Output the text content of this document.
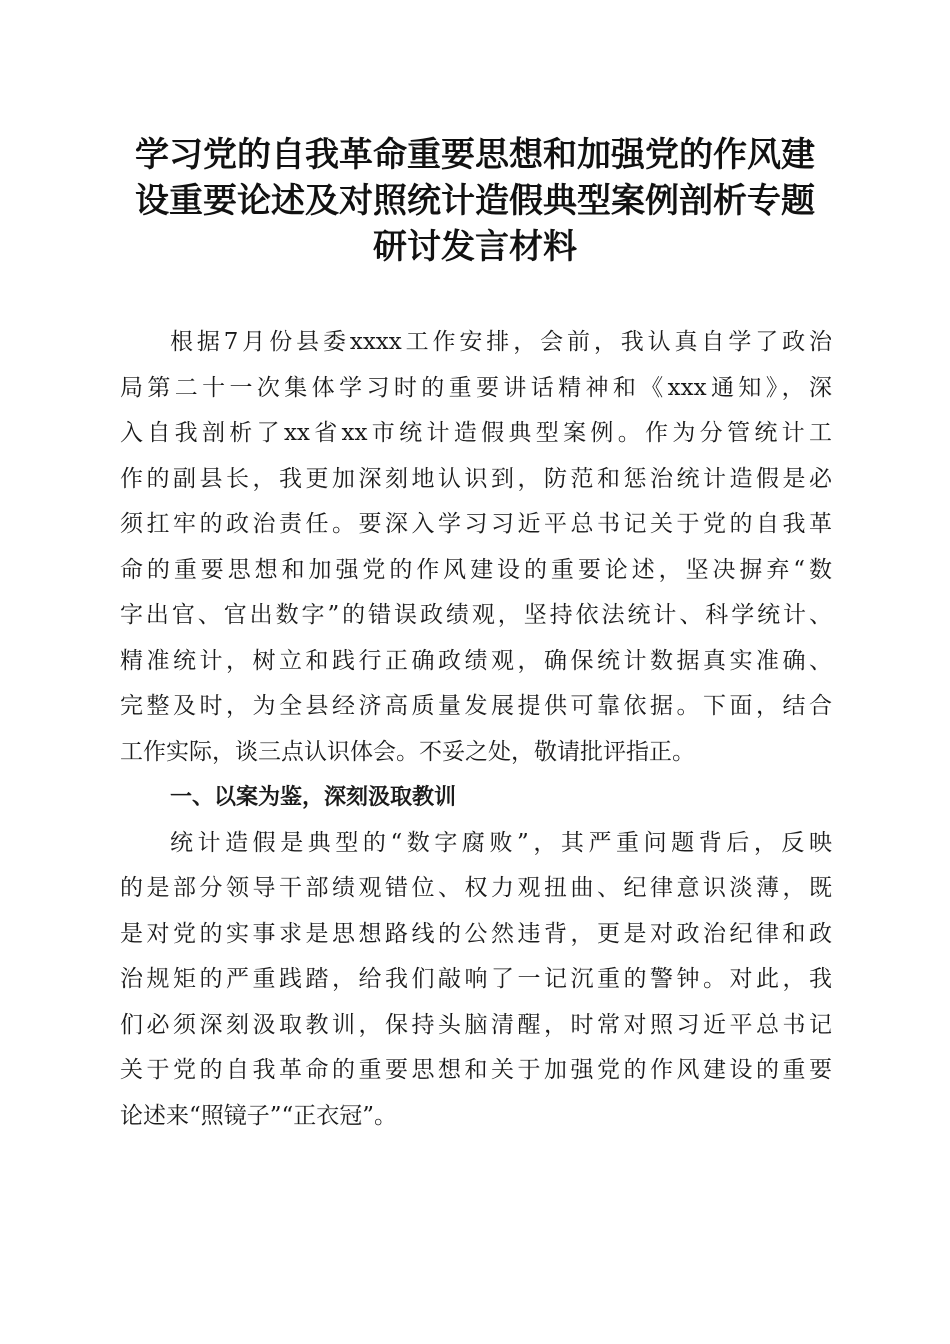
学习党的自我革命重要思想和加强党的作风建
设重要论述及对照统计造假典型案例剖析专题
研讨发言材料
根据7月份县委xxxx工作安排，会前，我认真自学了政治
局第二十一次集体学习时的重要讲话精神和《xxx通知》，深
入自我剖析了xx省xx市统计造假典型案例。作为分管统计工
作的副县长，我更加深刻地认识到，防范和惩治统计造假是必
须扛牢的政治责任。要深入学习习近平总书记关于党的自我革
命的重要思想和加强党的作风建设的重要论述，坚决摒弃“数
字出官、官出数字”的错误政绩观，坚持依法统计、科学统计、
精准统计，树立和践行正确政绩观，确保统计数据真实准确、
完整及时，为全县经济高质量发展提供可靠依据。下面，结合
工作实际，谈三点认识体会。不妥之处，敬请批评指正。
一、以案为鉴，深刻汲取教训
统计造假是典型的“数字腐败”，其严重问题背后，反映
的是部分领导干部绩观错位、权力观扭曲、纪律意识淡薄，既
是对党的实事求是思想路线的公然违背，更是对政治纪律和政
治规矩的严重践踏，给我们敲响了一记沉重的警钟。对此，我
们必须深刻汲取教训，保持头脑清醒，时常对照习近平总书记
关于党的自我革命的重要思想和关于加强党的作风建设的重要
论述来“照镜子”“正衣冠”。
